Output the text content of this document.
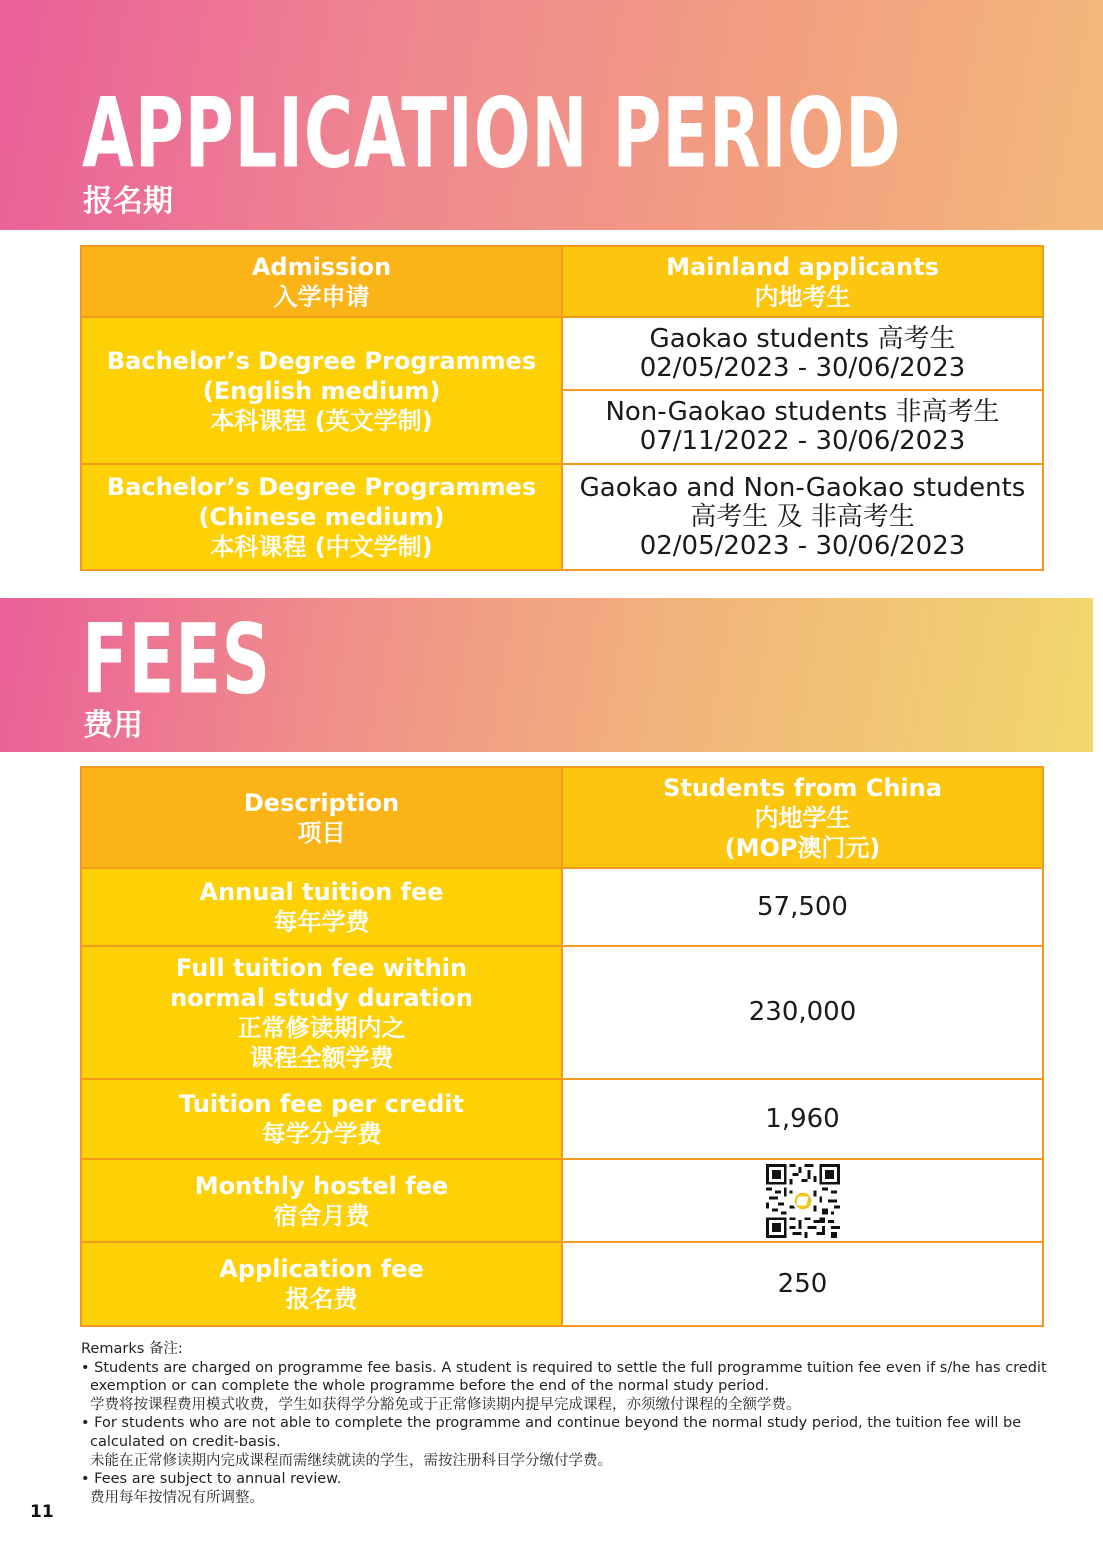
APPLICATION PERIOD
报名期
Admission
入学申请	Mainland applicants
内地考生

Bachelor’s Degree Programmes
(English medium)
本科课程 (英文学制)	Gaokao students 高考生
02/05/2023 - 30/06/2023

	Non-Gaokao students 非高考生
07/11/2022 - 30/06/2023

Bachelor’s Degree Programmes
(Chinese medium)
本科课程 (中文学制)	Gaokao and Non-Gaokao students
高考生 及 非高考生
02/05/2023 - 30/06/2023
FEES
费用
Description
项目	Students from China
内地学生
(MOP澳门元)

Annual tuition fee
每年学费	57,500

Full tuition fee within
normal study duration
正常修读期内之
课程全额学费	230,000

Tuition fee per credit
每学分学费	1,960

Monthly hostel fee
宿舍月费

Application fee
报名费	250

Remarks 备注:

• Students are charged on programme fee basis. A student is required to settle the full programme tuition fee even if s/he has credit exemption or can complete the whole programme before the end of the normal study period.

学费将按课程费用模式收费，学生如获得学分豁免或于正常修读期内提早完成课程，亦须缴付课程的全额学费。

• For students who are not able to complete the programme and continue beyond the normal study period, the tuition fee will be calculated on credit-basis.

未能在正常修读期内完成课程而需继续就读的学生，需按注册科目学分缴付学费。

• Fees are subject to annual review.

费用每年按情况有所调整。

11
